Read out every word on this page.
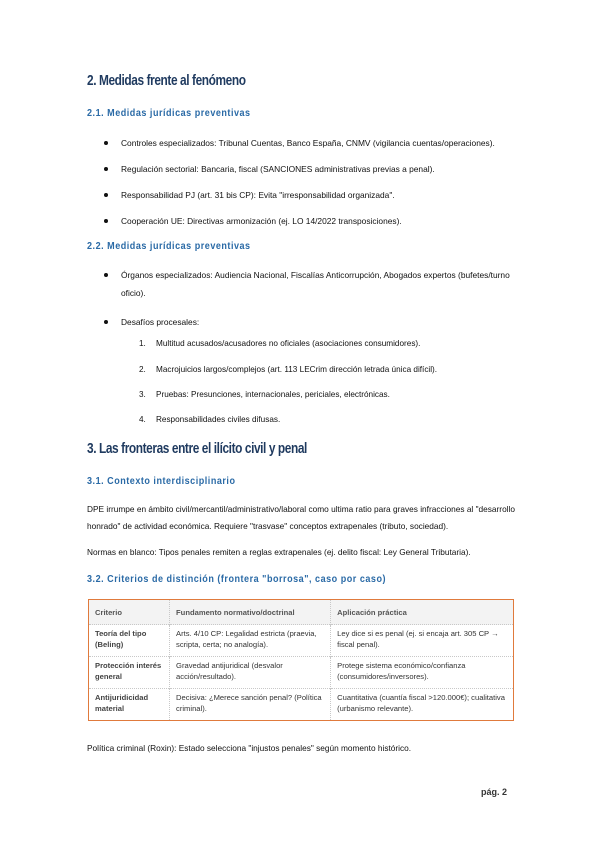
2. Medidas frente al fenómeno
2.1. Medidas jurídicas preventivas
Controles especializados: Tribunal Cuentas, Banco España, CNMV (vigilancia cuentas/operaciones).
Regulación sectorial: Bancaria, fiscal (SANCIONES administrativas previas a penal).
Responsabilidad PJ (art. 31 bis CP): Evita "irresponsabilidad organizada".
Cooperación UE: Directivas armonización (ej. LO 14/2022 transposiciones).
2.2. Medidas jurídicas preventivas
Órganos especializados: Audiencia Nacional, Fiscalías Anticorrupción, Abogados expertos (bufetes/turno oficio).
Desafíos procesales:
1. Multitud acusados/acusadores no oficiales (asociaciones consumidores).
2. Macrojuicios largos/complejos (art. 113 LECrim dirección letrada única difícil).
3. Pruebas: Presunciones, internacionales, periciales, electrónicas.
4. Responsabilidades civiles difusas.
3. Las fronteras entre el ilícito civil y penal
3.1. Contexto interdisciplinario
DPE irrumpe en ámbito civil/mercantil/administrativo/laboral como ultima ratio para graves infracciones al "desarrollo honrado" de actividad económica. Requiere "trasvase" conceptos extrapenales (tributo, sociedad).
Normas en blanco: Tipos penales remiten a reglas extrapenales (ej. delito fiscal: Ley General Tributaria).
3.2. Criterios de distinción (frontera "borrosa", caso por caso)
Criterio	Fundamento normativo/doctrinal	Aplicación práctica
Teoría del tipo (Beling)	Arts. 4/10 CP: Legalidad estricta (praevia, scripta, certa; no analogía).	Ley dice si es penal (ej. si encaja art. 305 CP → fiscal penal).
Protección interés general	Gravedad antijuridical (desvalor acción/resultado).	Protege sistema económico/confianza (consumidores/inversores).
Antijuridicidad material	Decisiva: ¿Merece sanción penal? (Política criminal).	Cuantitativa (cuantía fiscal >120.000€); cualitativa (urbanismo relevante).
Política criminal (Roxin): Estado selecciona "injustos penales" según momento histórico.
pág. 2
